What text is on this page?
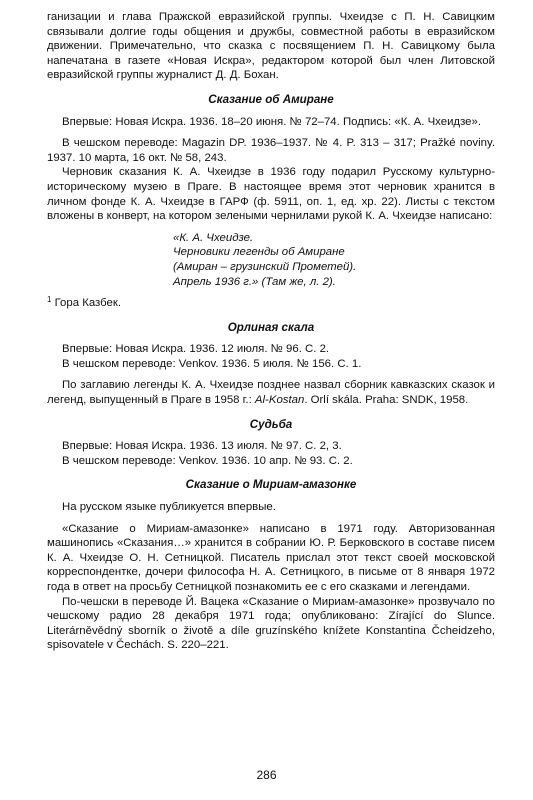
ганизации и глава Пражской евразийской группы. Чхеидзе с П. Н. Савицким связывали долгие годы общения и дружбы, совместной работы в евразийском движении. Примечательно, что сказка с посвящением П. Н. Савицкому была напечатана в газете «Новая Искра», редактором которой был член Литовской евразийской группы журналист Д. Д. Бохан.

Сказание об Амиране

Впервые: Новая Искра. 1936. 18–20 июня. № 72–74. Подпись: «К. А. Чхеидзе».

В чешском переводе: Magazin DP. 1936–1937. № 4. P. 313 – 317; Pražké noviny. 1937. 10 марта, 16 окт. № 58, 243.

Черновик сказания К. А. Чхеидзе в 1936 году подарил Русскому культурно-историческому музею в Праге. В настоящее время этот черновик хранится в личном фонде К. А. Чхеидзе в ГАРФ (ф. 5911, оп. 1, ед. хр. 22). Листы с текстом вложены в конверт, на котором зелеными чернилами рукой К. А. Чхеидзе написано:

«К. А. Чхеидзе.
Черновики легенды об Амиране
(Амиран – грузинский Прометей).
Апрель 1936 г.» (Там же, л. 2).
$^1$ Гора Казбек.
Орлиная скала

Впервые: Новая Искра. 1936. 12 июля. № 96. С. 2.

В чешском переводе: Venkov. 1936. 5 июля. № 156. С. 1.

По заглавию легенды К. А. Чхеидзе позднее назвал сборник кавказских сказок и легенд, выпущенный в Праге в 1958 г.: Al-Kostan. Orlí skála. Praha: SNDK, 1958.

Судьба

Впервые: Новая Искра. 1936. 13 июля. № 97. С. 2, 3.

В чешском переводе: Venkov. 1936. 10 апр. № 93. С. 2.

Сказание о Мириам-амазонке

На русском языке публикуется впервые.

«Сказание о Мириам-амазонке» написано в 1971 году. Авторизованная машинопись «Сказания…» хранится в собрании Ю. Р. Берковского в составе писем К. А. Чхеидзе О. Н. Сетницкой. Писатель прислал этот текст своей московской корреспондентке, дочери философа Н. А. Сетницкого, в письме от 8 января 1972 года в ответ на просьбу Сетницкой познакомить ее с его сказками и легендами.

По-чешски в переводе Й. Вацека «Сказание о Мириам-амазонке» прозвучало по чешскому радио 28 декабря 1971 года; опубликовано: Zírající do Slunce. Literárněvědný sborník o životě a díle gruzínského knížete Konstantina Čcheidzeho, spisovatele v Čechách. S. 220–221.

286
